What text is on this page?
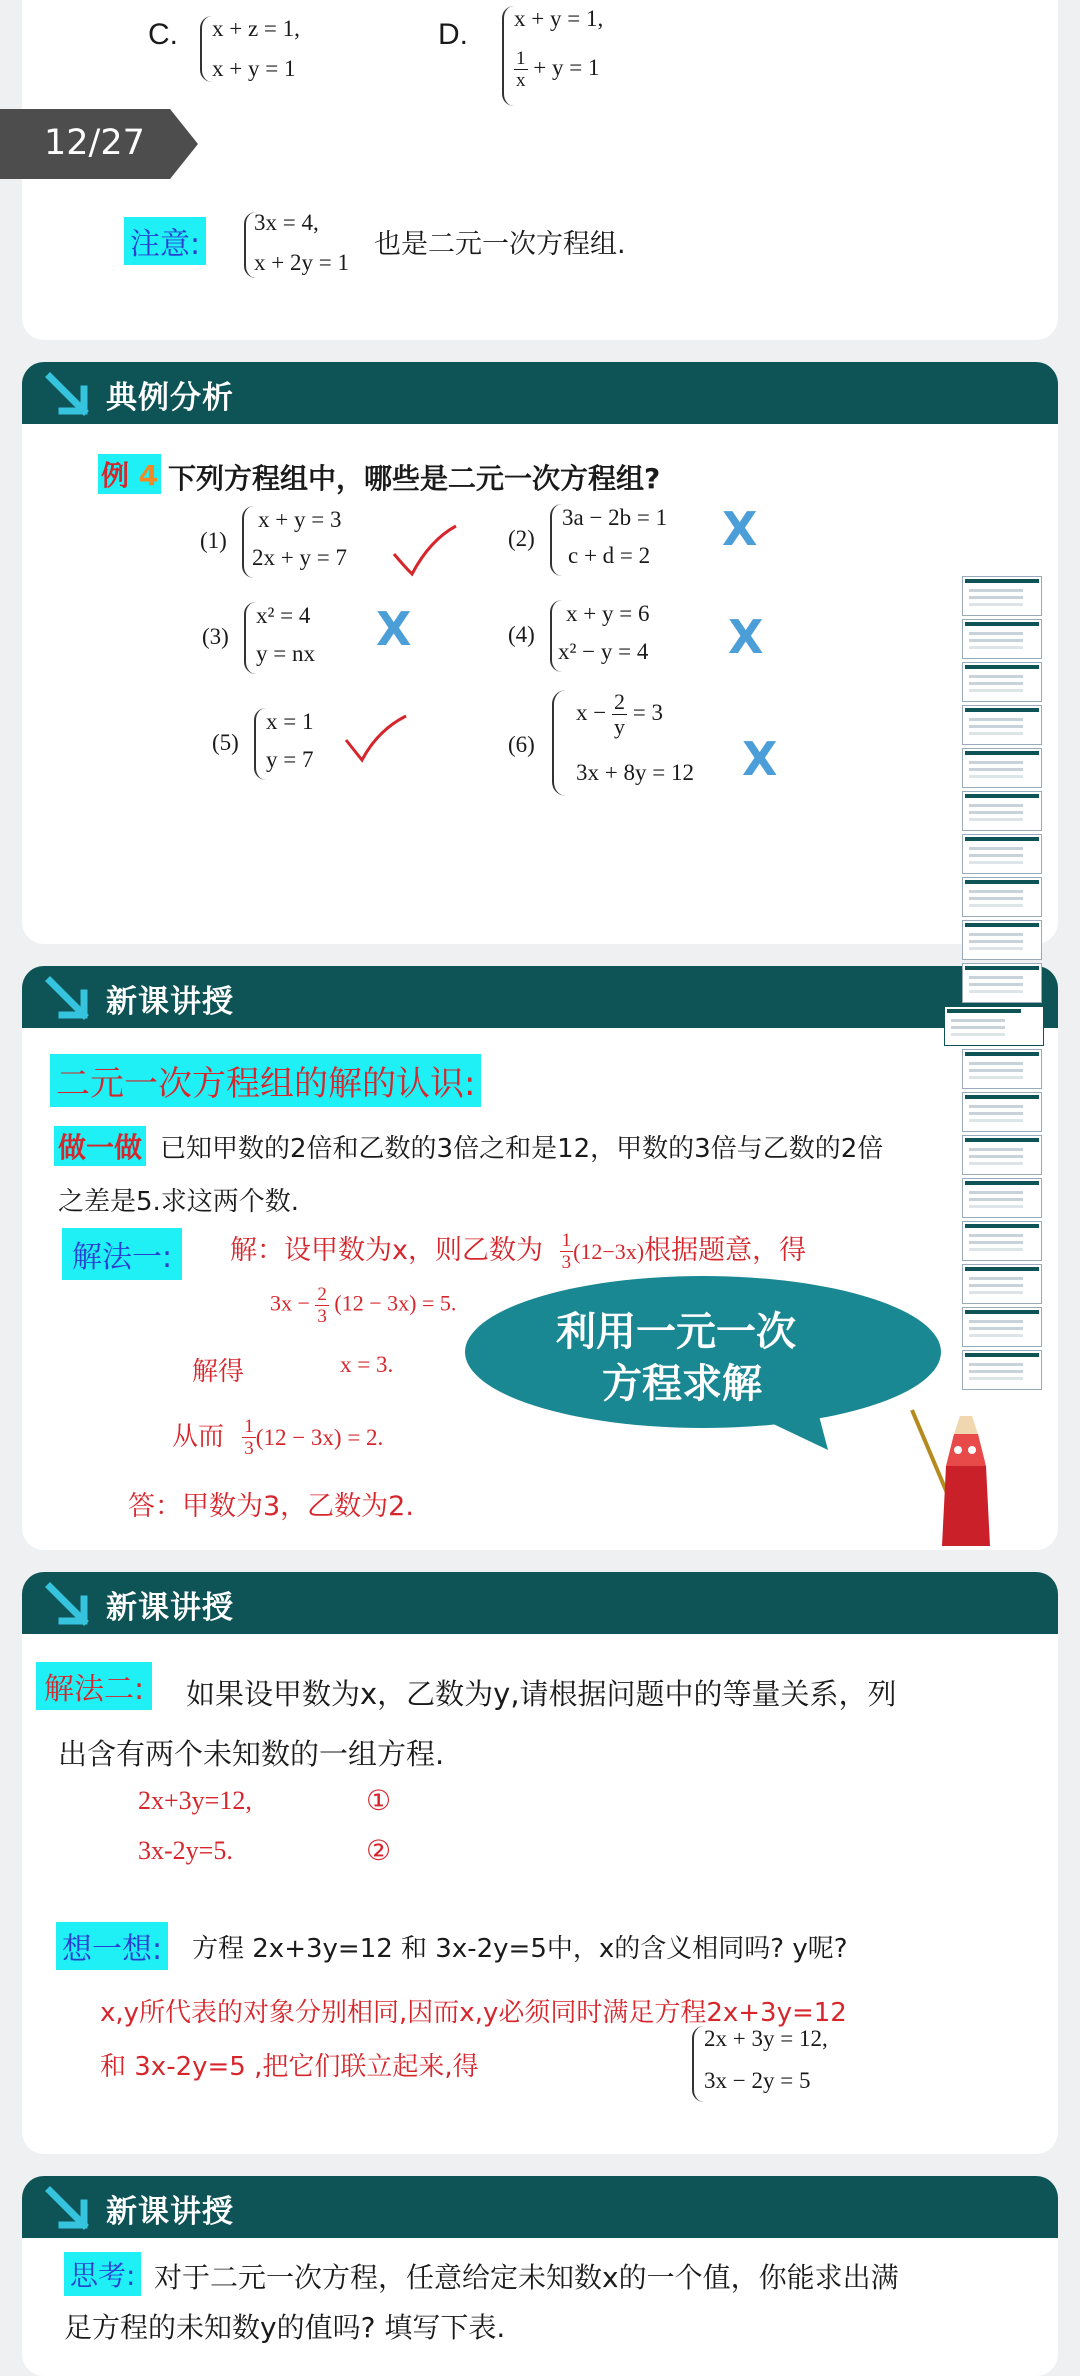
C. x + z = 1,
x + y = 1
D. x + y = 1,
$\frac{1}{x} + y = 1$
注意:
3x = 4,
x + 2y = 1
也是二元一次方程组.
12/27
典例分析
例 4 下列方程组中，哪些是二元一次方程组?
(1)
x + y = 3
2x + y = 7
(2)
3a − 2b = 1
c + d = 2 X
(3)
x² = 4
y = nx X	(4)
x + y = 6
x² − y = 4 X
(5)
x = 1
y = 7
(6)
$x - \frac{2}{y} = 3$
3x + 8y = 12 X
新课讲授
二元一次方程组的解的认识:
做一做 已知甲数的2倍和乙数的3倍之和是12，甲数的3倍与乙数的2倍
之差是5.求这两个数.
解法一:	解：设甲数为x，则乙数为 $\frac{1}{3} (12-3x)$根据题意，得
$3x - \frac{2}{3} (12 - 3x) = 5$.
解得	x = 3.
从而 $\frac{1}{3} (12 - 3x) = 2$.
答：甲数为3，乙数为2.
利用一元一次
方程求解
新课讲授
解法二: 如果设甲数为x，乙数为y,请根据问题中的等量关系，列
出含有两个未知数的一组方程.
2x+3y=12,	①
3x-2y=5.	②
想一想: 方程 2x+3y=12 和 3x-2y=5中，x的含义相同吗? y呢?
x,y所代表的对象分别相同,因而x,y必须同时满足方程2x+3y=12
和 3x-2y=5 ,把它们联立起来,得
2x + 3y = 12,
3x − 2y = 5
新课讲授
思考: 对于二元一次方程，任意给定未知数x的一个值，你能求出满
足方程的未知数y的值吗? 填写下表.
